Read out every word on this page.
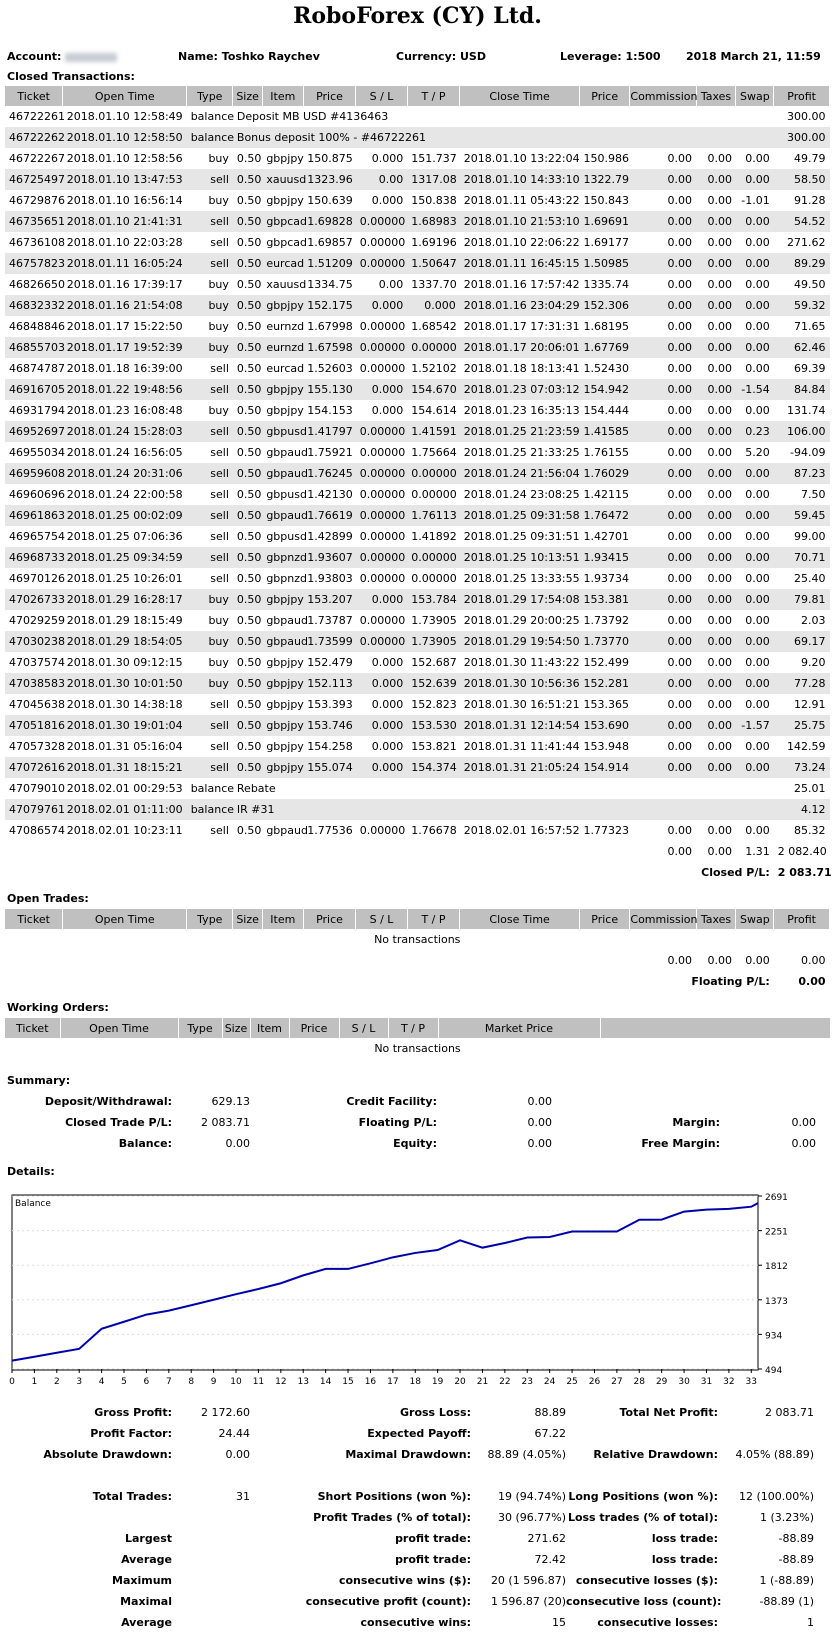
RoboForex (CY) Ltd.
Account:	Name: Toshko Raychev	Currency: USD	Leverage: 1:500	2018 March 21, 11:59
Closed Transactions:
Ticket	Open Time	Type	Size	Item	Price	S / L	T / P	Close Time	Price	Commission	Taxes	Swap	Profit
46722261	2018.01.10 12:58:49	balance	Deposit MB USD #4136463										300.00
46722262	2018.01.10 12:58:50	balance	Bonus deposit 100% - #46722261										300.00
46722267	2018.01.10 12:58:56	buy	0.50	gbpjpy	150.875	0.000	151.737	2018.01.10 13:22:04	150.986	0.00	0.00	0.00	49.79
46725497	2018.01.10 13:47:53	sell	0.50	xauusd	1323.96	0.00	1317.08	2018.01.10 14:33:10	1322.79	0.00	0.00	0.00	58.50
46729876	2018.01.10 16:56:14	buy	0.50	gbpjpy	150.639	0.000	150.838	2018.01.11 05:43:22	150.843	0.00	0.00	-1.01	91.28
46735651	2018.01.10 21:41:31	sell	0.50	gbpcad	1.69828	0.00000	1.68983	2018.01.10 21:53:10	1.69691	0.00	0.00	0.00	54.52
46736108	2018.01.10 22:03:28	sell	0.50	gbpcad	1.69857	0.00000	1.69196	2018.01.10 22:06:22	1.69177	0.00	0.00	0.00	271.62
46757823	2018.01.11 16:05:24	sell	0.50	eurcad	1.51209	0.00000	1.50647	2018.01.11 16:45:15	1.50985	0.00	0.00	0.00	89.29
46826650	2018.01.16 17:39:17	buy	0.50	xauusd	1334.75	0.00	1337.70	2018.01.16 17:57:42	1335.74	0.00	0.00	0.00	49.50
46832332	2018.01.16 21:54:08	buy	0.50	gbpjpy	152.175	0.000	0.000	2018.01.16 23:04:29	152.306	0.00	0.00	0.00	59.32
46848846	2018.01.17 15:22:50	buy	0.50	eurnzd	1.67998	0.00000	1.68542	2018.01.17 17:31:31	1.68195	0.00	0.00	0.00	71.65
46855703	2018.01.17 19:52:39	buy	0.50	eurnzd	1.67598	0.00000	0.00000	2018.01.17 20:06:01	1.67769	0.00	0.00	0.00	62.46
46874787	2018.01.18 16:39:00	sell	0.50	eurcad	1.52603	0.00000	1.52102	2018.01.18 18:13:41	1.52430	0.00	0.00	0.00	69.39
46916705	2018.01.22 19:48:56	sell	0.50	gbpjpy	155.130	0.000	154.670	2018.01.23 07:03:12	154.942	0.00	0.00	-1.54	84.84
46931794	2018.01.23 16:08:48	buy	0.50	gbpjpy	154.153	0.000	154.614	2018.01.23 16:35:13	154.444	0.00	0.00	0.00	131.74
46952697	2018.01.24 15:28:03	sell	0.50	gbpusd	1.41797	0.00000	1.41591	2018.01.25 21:23:59	1.41585	0.00	0.00	0.23	106.00
46955034	2018.01.24 16:56:05	sell	0.50	gbpaud	1.75921	0.00000	1.75664	2018.01.25 21:33:25	1.76155	0.00	0.00	5.20	-94.09
46959608	2018.01.24 20:31:06	sell	0.50	gbpaud	1.76245	0.00000	0.00000	2018.01.24 21:56:04	1.76029	0.00	0.00	0.00	87.23
46960696	2018.01.24 22:00:58	sell	0.50	gbpusd	1.42130	0.00000	0.00000	2018.01.24 23:08:25	1.42115	0.00	0.00	0.00	7.50
46961863	2018.01.25 00:02:09	sell	0.50	gbpaud	1.76619	0.00000	1.76113	2018.01.25 09:31:58	1.76472	0.00	0.00	0.00	59.45
46965754	2018.01.25 07:06:36	sell	0.50	gbpusd	1.42899	0.00000	1.41892	2018.01.25 09:31:51	1.42701	0.00	0.00	0.00	99.00
46968733	2018.01.25 09:34:59	sell	0.50	gbpnzd	1.93607	0.00000	0.00000	2018.01.25 10:13:51	1.93415	0.00	0.00	0.00	70.71
46970126	2018.01.25 10:26:01	sell	0.50	gbpnzd	1.93803	0.00000	0.00000	2018.01.25 13:33:55	1.93734	0.00	0.00	0.00	25.40
47026733	2018.01.29 16:28:17	buy	0.50	gbpjpy	153.207	0.000	153.784	2018.01.29 17:54:08	153.381	0.00	0.00	0.00	79.81
47029259	2018.01.29 18:15:49	buy	0.50	gbpaud	1.73787	0.00000	1.73905	2018.01.29 20:00:25	1.73792	0.00	0.00	0.00	2.03
47030238	2018.01.29 18:54:05	buy	0.50	gbpaud	1.73599	0.00000	1.73905	2018.01.29 19:54:50	1.73770	0.00	0.00	0.00	69.17
47037574	2018.01.30 09:12:15	buy	0.50	gbpjpy	152.479	0.000	152.687	2018.01.30 11:43:22	152.499	0.00	0.00	0.00	9.20
47038583	2018.01.30 10:01:50	buy	0.50	gbpjpy	152.113	0.000	152.639	2018.01.30 10:56:36	152.281	0.00	0.00	0.00	77.28
47045638	2018.01.30 14:38:18	sell	0.50	gbpjpy	153.393	0.000	152.823	2018.01.30 16:51:21	153.365	0.00	0.00	0.00	12.91
47051816	2018.01.30 19:01:04	sell	0.50	gbpjpy	153.746	0.000	153.530	2018.01.31 12:14:54	153.690	0.00	0.00	-1.57	25.75
47057328	2018.01.31 05:16:04	sell	0.50	gbpjpy	154.258	0.000	153.821	2018.01.31 11:41:44	153.948	0.00	0.00	0.00	142.59
47072616	2018.01.31 18:15:21	sell	0.50	gbpjpy	155.074	0.000	154.374	2018.01.31 21:05:24	154.914	0.00	0.00	0.00	73.24
47079010	2018.02.01 00:29:53	balance	Rebate										25.01
47079761	2018.02.01 01:11:00	balance	IR #31										4.12
47086574	2018.02.01 10:23:11	sell	0.50	gbpaud	1.77536	0.00000	1.76678	2018.02.01 16:57:52	1.77323	0.00	0.00	0.00	85.32
										0.00	0.00	1.31	2 082.40
										Closed P/L:			2 083.71
Open Trades:
Ticket	Open Time	Type	Size	Item	Price	S / L	T / P	Close Time	Price	Commission	Taxes	Swap	Profit
No transactions													
										0.00	0.00	0.00	0.00
										Floating P/L:			0.00
Working Orders:
Ticket	Open Time	Type	Size	Item	Price	S / L	T / P	Market Price	
No transactions
Summary:
Deposit/Withdrawal:	629.13	Credit Facility:	0.00
Closed Trade P/L:	2 083.71	Floating P/L:	0.00	Margin:	0.00
Balance:	0.00	Equity:	0.00	Free Margin:	0.00
Details:
2691
2251
1812
1373
934
494
0 1 2 3 4 5 6 7 8 9 10 11 12 13 14 15 16 17 18 19 20 21 22 23 24 25 26 27 28 29 30 31 32 33
Balance
Gross Profit:	2 172.60	Gross Loss:	88.89	Total Net Profit:	2 083.71
Profit Factor:	24.44	Expected Payoff:	67.22
Absolute Drawdown:	0.00	Maximal Drawdown:	88.89 (4.05%)	Relative Drawdown:	4.05% (88.89)
Total Trades:	31	Short Positions (won %):	19 (94.74%) Long Positions (won %):	12 (100.00%)
Profit Trades (% of total):	30 (96.77%) Loss trades (% of total):	1 (3.23%)
Largest	profit trade:	271.62	loss trade:	-88.89
Average	profit trade:	72.42	loss trade:	-88.89
Maximum	consecutive wins ($):	20 (1 596.87) consecutive losses ($):	1 (-88.89)
Maximal	consecutive profit (count):	1 596.87 (20) consecutive loss (count):	-88.89 (1)
Average	consecutive wins:	15	consecutive losses:	1
